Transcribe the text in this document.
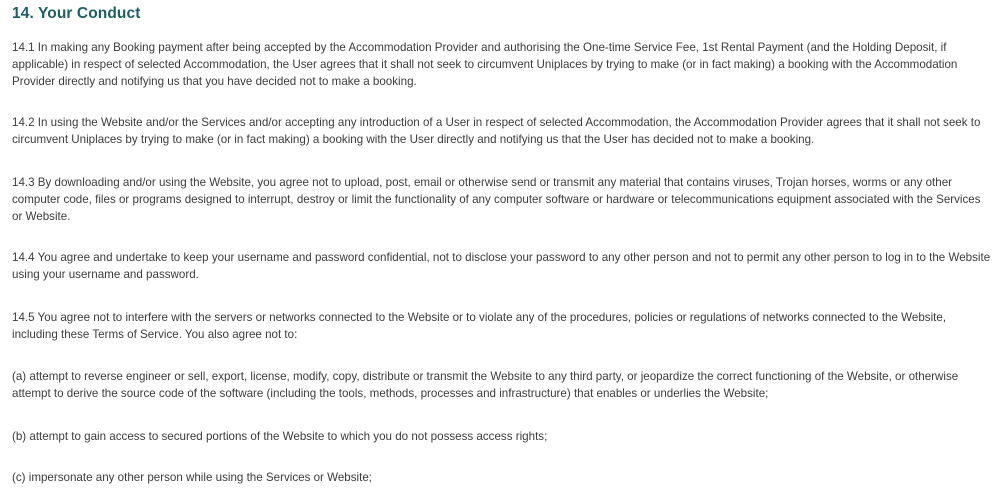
14. Your Conduct

14.1 In making any Booking payment after being accepted by the Accommodation Provider and authorising the One-time Service Fee, 1st Rental Payment (and the Holding Deposit, if applicable) in respect of selected Accommodation, the User agrees that it shall not seek to circumvent Uniplaces by trying to make (or in fact making) a booking with the Accommodation Provider directly and notifying us that you have decided not to make a booking.

14.2 In using the Website and/or the Services and/or accepting any introduction of a User in respect of selected Accommodation, the Accommodation Provider agrees that it shall not seek to circumvent Uniplaces by trying to make (or in fact making) a booking with the User directly and notifying us that the User has decided not to make a booking.

14.3 By downloading and/or using the Website, you agree not to upload, post, email or otherwise send or transmit any material that contains viruses, Trojan horses, worms or any other computer code, files or programs designed to interrupt, destroy or limit the functionality of any computer software or hardware or telecommunications equipment associated with the Services or Website.

14.4 You agree and undertake to keep your username and password confidential, not to disclose your password to any other person and not to permit any other person to log in to the Website using your username and password.

14.5 You agree not to interfere with the servers or networks connected to the Website or to violate any of the procedures, policies or regulations of networks connected to the Website, including these Terms of Service. You also agree not to:

(a) attempt to reverse engineer or sell, export, license, modify, copy, distribute or transmit the Website to any third party, or jeopardize the correct functioning of the Website, or otherwise attempt to derive the source code of the software (including the tools, methods, processes and infrastructure) that enables or underlies the Website;

(b) attempt to gain access to secured portions of the Website to which you do not possess access rights;

(c) impersonate any other person while using the Services or Website;
